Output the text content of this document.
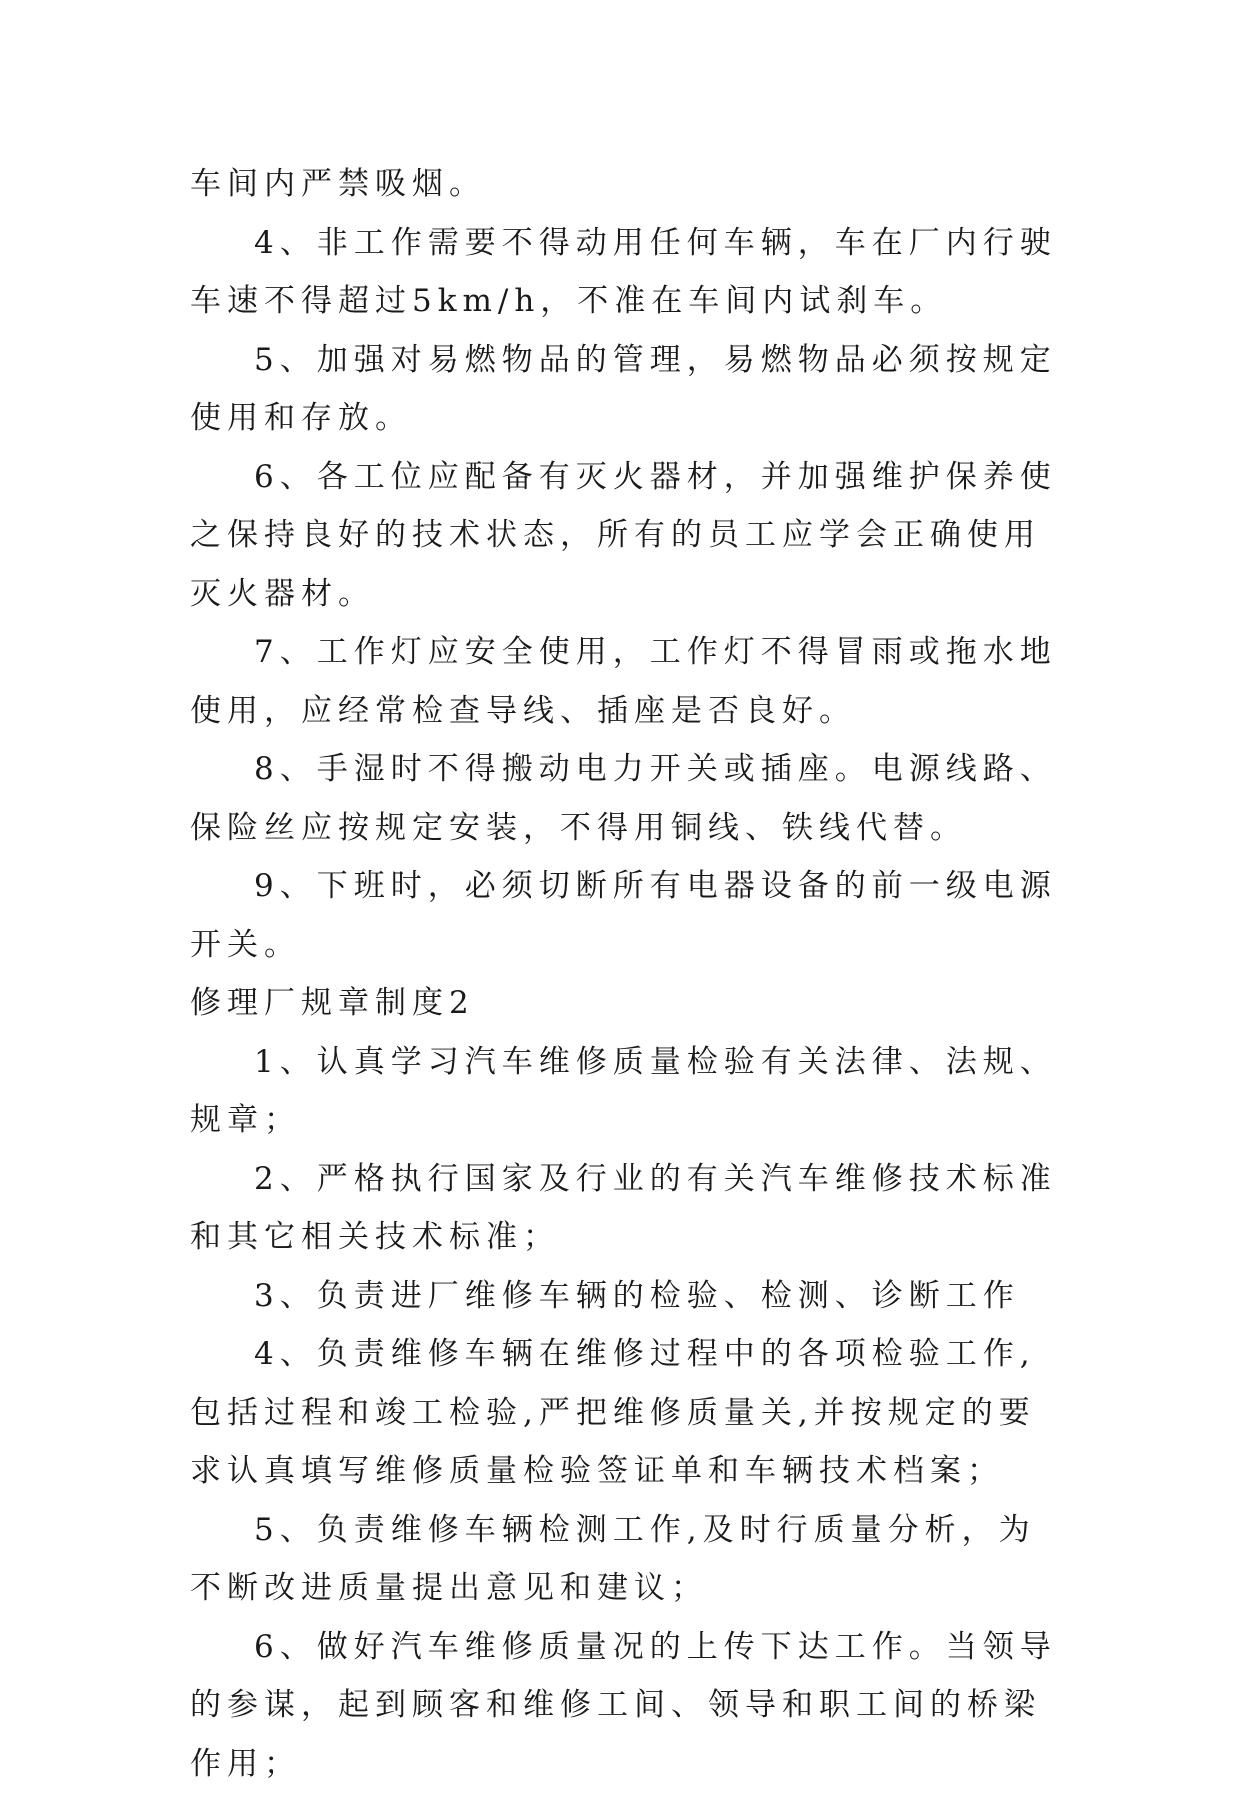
车间内严禁吸烟。

4、非工作需要不得动用任何车辆，车在厂内行驶车速不得超过5km/h，不准在车间内试刹车。

5、加强对易燃物品的管理，易燃物品必须按规定使用和存放。

6、各工位应配备有灭火器材，并加强维护保养使之保持良好的技术状态，所有的员工应学会正确使用灭火器材。

7、工作灯应安全使用，工作灯不得冒雨或拖水地使用，应经常检查导线、插座是否良好。

8、手湿时不得搬动电力开关或插座。电源线路、保险丝应按规定安装，不得用铜线、铁线代替。

9、下班时，必须切断所有电器设备的前一级电源开关。

修理厂规章制度2

1、认真学习汽车维修质量检验有关法律、法规、规章；

2、严格执行国家及行业的有关汽车维修技术标准和其它相关技术标准；

3、负责进厂维修车辆的检验、检测、诊断工作

4、负责维修车辆在维修过程中的各项检验工作,包括过程和竣工检验,严把维修质量关,并按规定的要求认真填写维修质量检验签证单和车辆技术档案；

5、负责维修车辆检测工作,及时行质量分析，为不断改进质量提出意见和建议；

6、做好汽车维修质量况的上传下达工作。当领导的参谋，起到顾客和维修工间、领导和职工间的桥梁作用；
